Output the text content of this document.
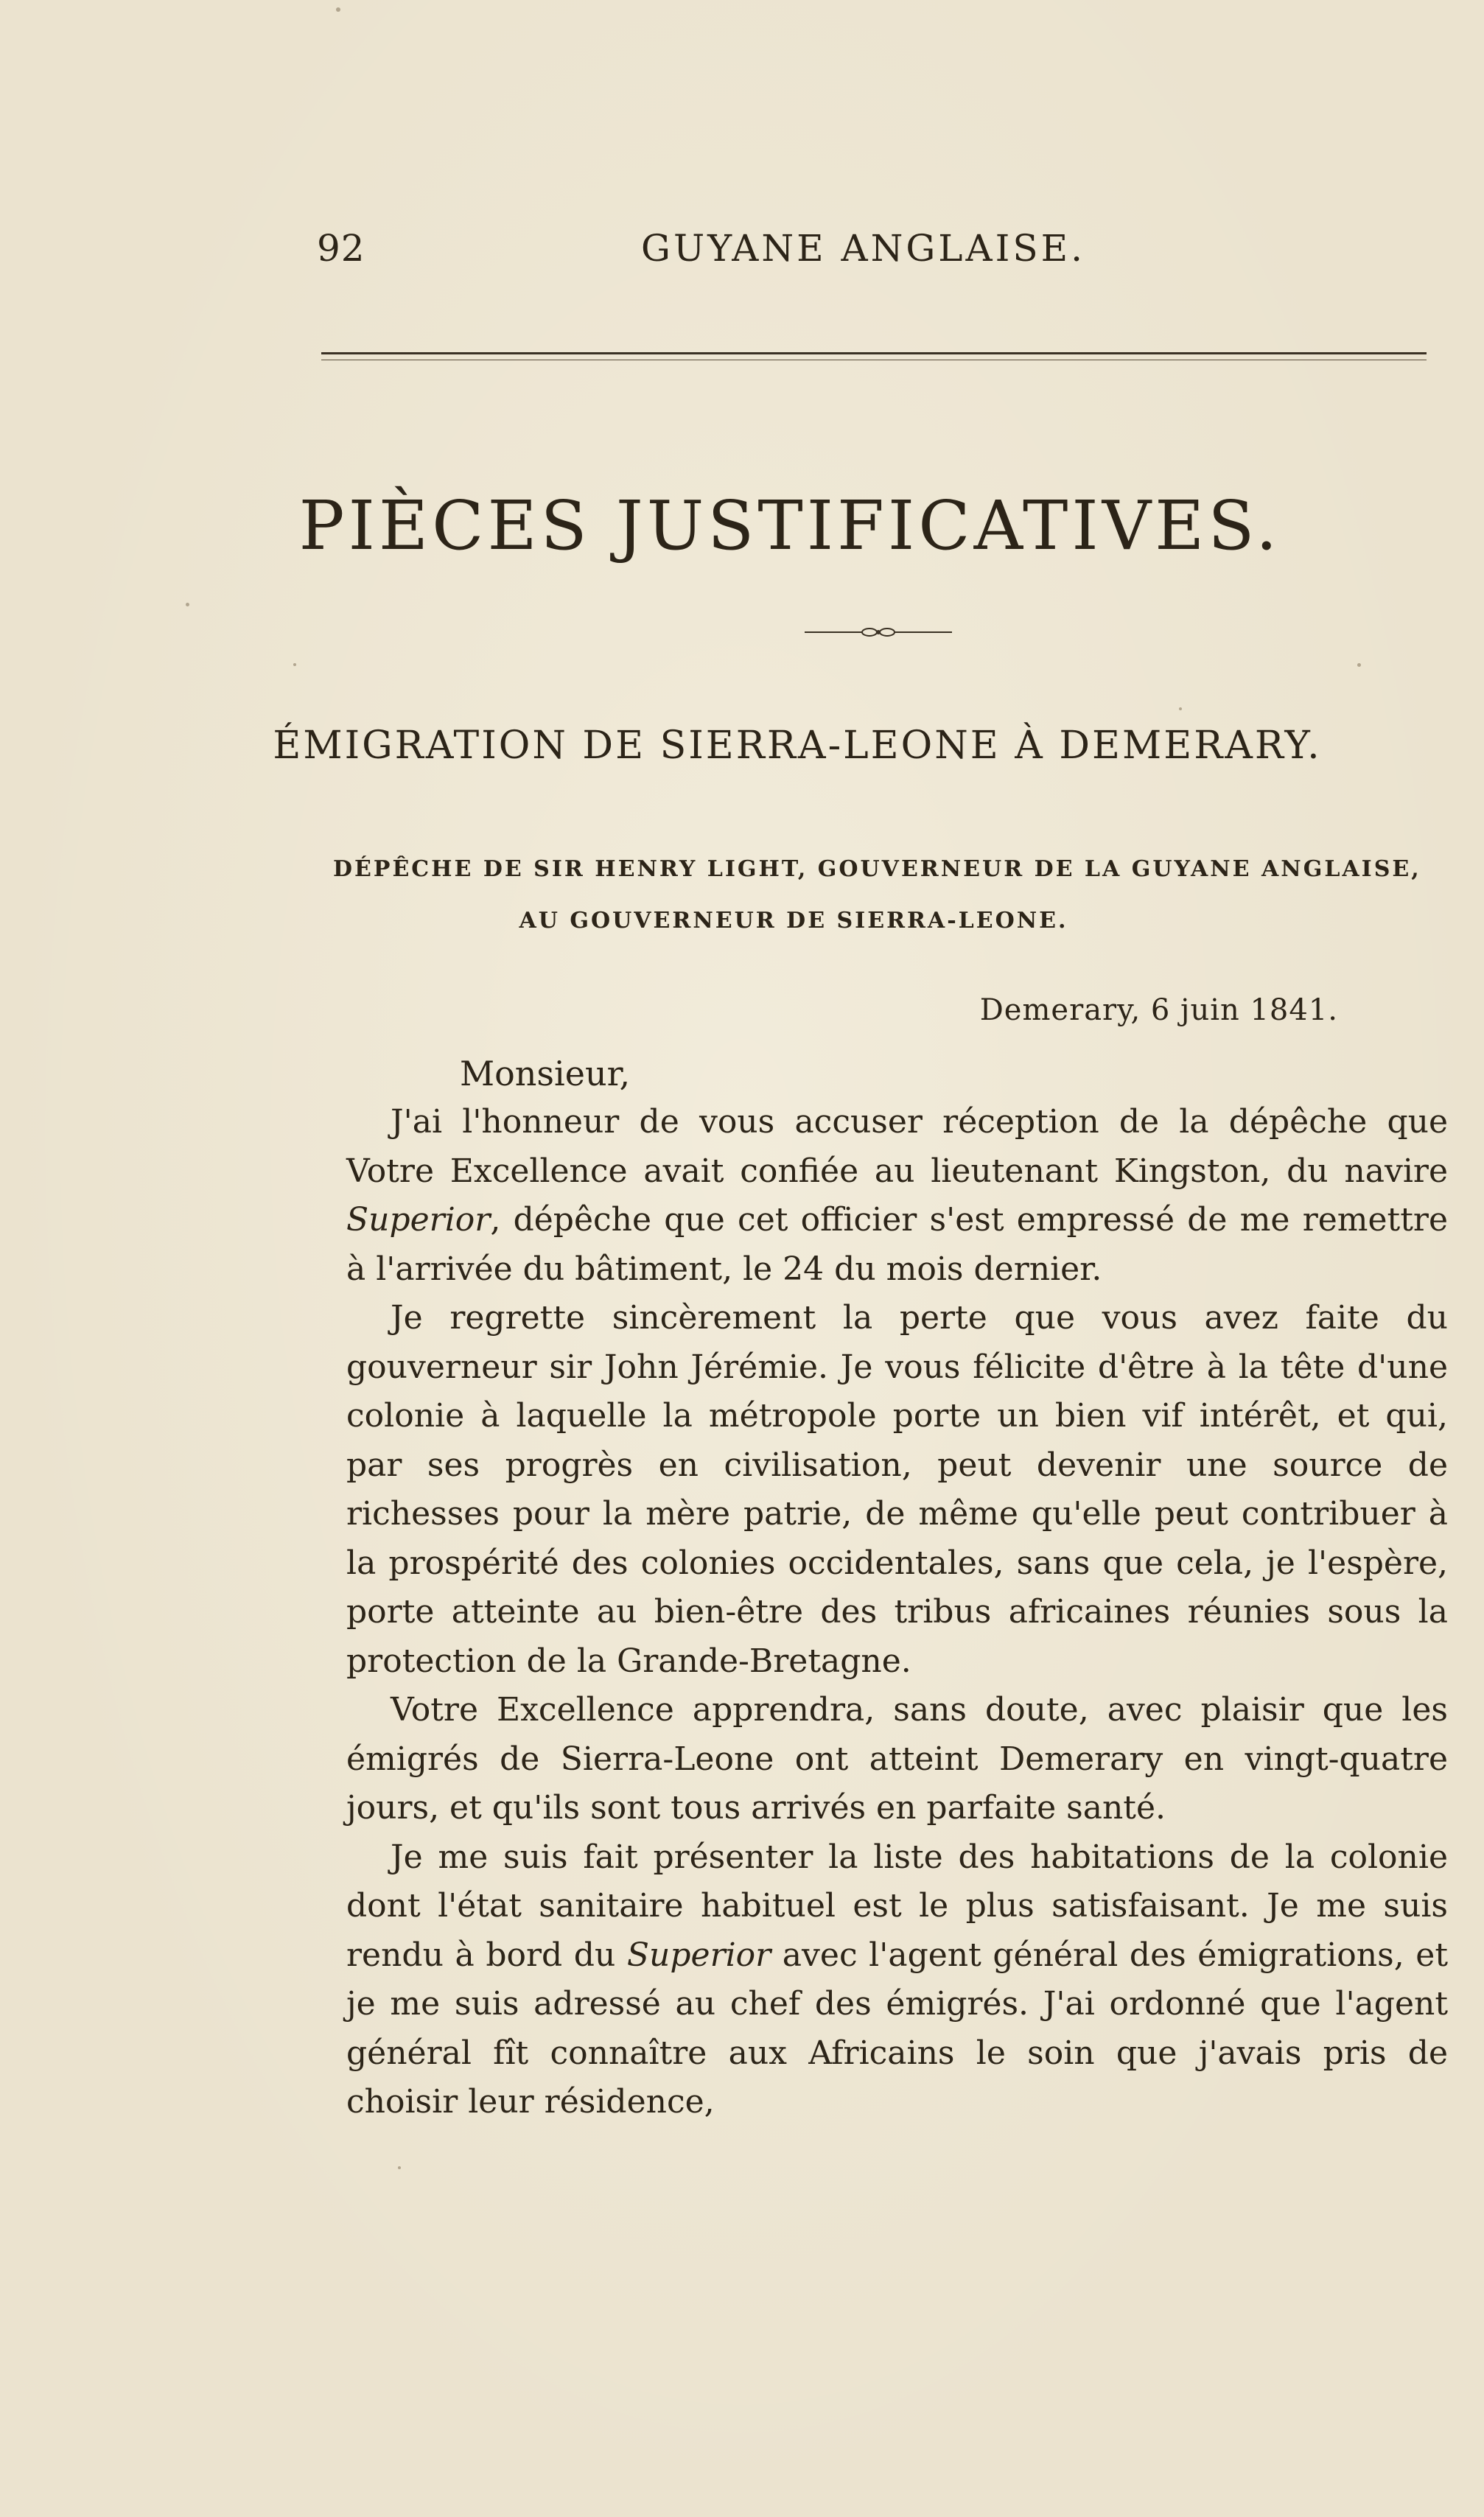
92	GUYANE ANGLAISE.
PIÈCES JUSTIFICATIVES.
ÉMIGRATION DE SIERRA-LEONE À DEMERARY.
DÉPÊCHE DE SIR HENRY LIGHT, GOUVERNEUR DE LA GUYANE ANGLAISE,
AU GOUVERNEUR DE SIERRA-LEONE.
Demerary, 6 juin 1841.
Monsieur,

J'ai l'honneur de vous accuser réception de la dépêche que Votre Excellence avait confiée au lieutenant Kingston, du navire Superior, dépêche que cet officier s'est empressé de me remettre à l'arrivée du bâtiment, le 24 du mois dernier.

Je regrette sincèrement la perte que vous avez faite du gouverneur sir John Jérémie. Je vous félicite d'être à la tête d'une colonie à laquelle la métropole porte un bien vif intérêt, et qui, par ses progrès en civilisation, peut devenir une source de richesses pour la mère patrie, de même qu'elle peut contribuer à la prospérité des colonies occidentales, sans que cela, je l'espère, porte atteinte au bien-être des tribus africaines réunies sous la protection de la Grande-Bretagne.

Votre Excellence apprendra, sans doute, avec plaisir que les émigrés de Sierra-Leone ont atteint Demerary en vingt-quatre jours, et qu'ils sont tous arrivés en parfaite santé.

Je me suis fait présenter la liste des habitations de la colonie dont l'état sanitaire habituel est le plus satisfaisant. Je me suis rendu à bord du Superior avec l'agent général des émigrations, et je me suis adressé au chef des émigrés. J'ai ordonné que l'agent général fît connaître aux Africains le soin que j'avais pris de choisir leur résidence,
